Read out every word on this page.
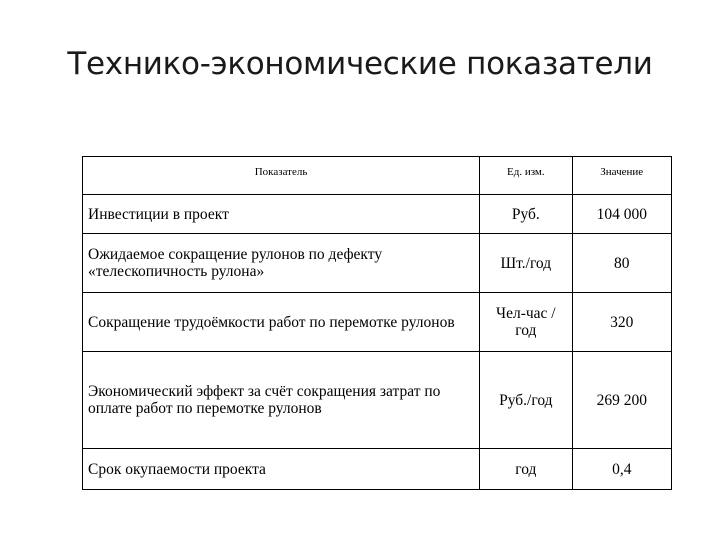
Технико-экономические показатели
Показатель	Ед. изм.	Значение
Инвестиции в проект	Руб.	104 000
Ожидаемое сокращение рулонов по дефекту «телескопичность рулона»	Шт./год	80
Сокращение трудоёмкости работ по перемотке рулонов	Чел-час / год	320
Экономический эффект за счёт сокращения затрат по оплате работ по перемотке рулонов	Руб./год	269 200
Срок окупаемости проекта	год	0,4
